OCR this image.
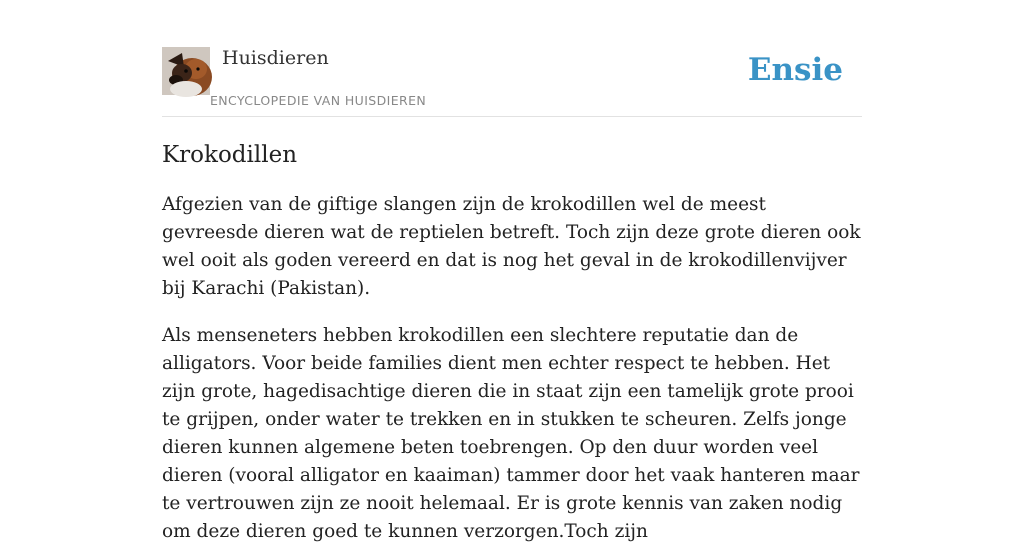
Huisdieren
ENCYCLOPEDIE VAN HUISDIEREN
Ensie
Krokodillen

Afgezien van de giftige slangen zijn de krokodillen wel de meest gevreesde dieren wat de reptielen betreft. Toch zijn deze grote dieren ook wel ooit als goden vereerd en dat is nog het geval in de krokodillenvijver bij Karachi (Pakistan).

Als menseneters hebben krokodillen een slechtere reputatie dan de alligators. Voor beide families dient men echter respect te hebben. Het zijn grote, hagedisachtige dieren die in staat zijn een tamelijk grote prooi te grijpen, onder water te trekken en in stukken te scheuren. Zelfs jonge dieren kunnen algemene beten toebrengen. Op den duur worden veel dieren (vooral alligator en kaaiman) tammer door het vaak hanteren maar te vertrouwen zijn ze nooit helemaal. Er is grote kennis van zaken nodig om deze dieren goed te kunnen verzorgen.Toch zijn
